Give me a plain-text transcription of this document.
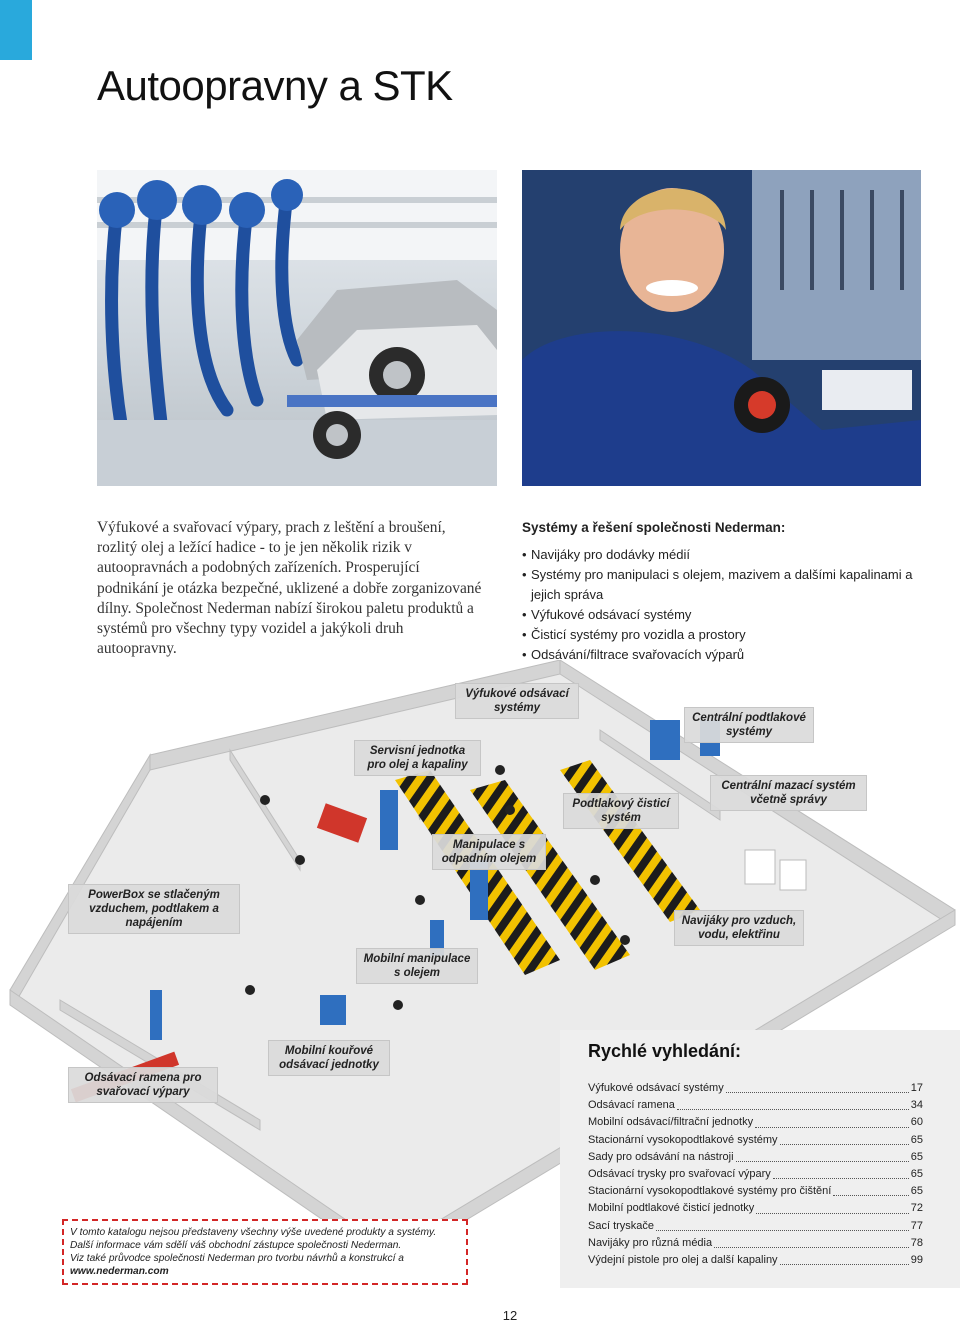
Autoopravny a STK
Výfukové a svařovací výpary, prach z leštění a broušení, rozlitý olej a ležící hadice - to je jen několik rizik v autoopravnách a podobných zařízeních. Prosperující podnikání je otázka bezpečné, uklizené a dobře zorganizované dílny. Společnost Nederman nabízí širokou paletu produktů a systémů pro všechny typy vozidel a jakýkoli druh autoopravny.
Systémy a řešení společnosti Nederman:
• Navijáky pro dodávky médií
• Systémy pro manipulaci s olejem, mazivem a dalšími kapalinami a jejich správa
• Výfukové odsávací systémy
• Čisticí systémy pro vozidla a prostory
• Odsávání/filtrace svařovacích výparů
Výfukové odsávací systémy
Centrální podtlakové systémy
Servisní jednotka pro olej a kapaliny
Centrální mazací systém včetně správy
Podtlakový čisticí systém
Manipulace s odpadním olejem
PowerBox se stlačeným vzduchem, podtlakem a napájením	Navijáky pro vzduch, vodu, elektřinu
Mobilní manipulace s olejem
Mobilní kouřové odsávací jednotky
Odsávací ramena pro svařovací výpary
Rychlé vyhledání:
Výfukové odsávací systémy	17
Odsávací ramena	34
Mobilní odsávací/filtrační jednotky	60
Stacionární vysokopodtlakové systémy	65
Sady pro odsávání na nástroji	65
Odsávací trysky pro svařovací výpary	65
Stacionární vysokopodtlakové systémy pro čištění	65
Mobilní podtlakové čisticí jednotky	72
Sací tryskače	77
Navijáky pro různá média	78
Výdejní pistole pro olej a další kapaliny	99
V tomto katalogu nejsou představeny všechny výše uvedené produkty a systémy.
Další informace vám sdělí váš obchodní zástupce společnosti Nederman.
Viz také průvodce společnosti Nederman pro tvorbu návrhů a konstrukcí a
www.nederman.com
12
